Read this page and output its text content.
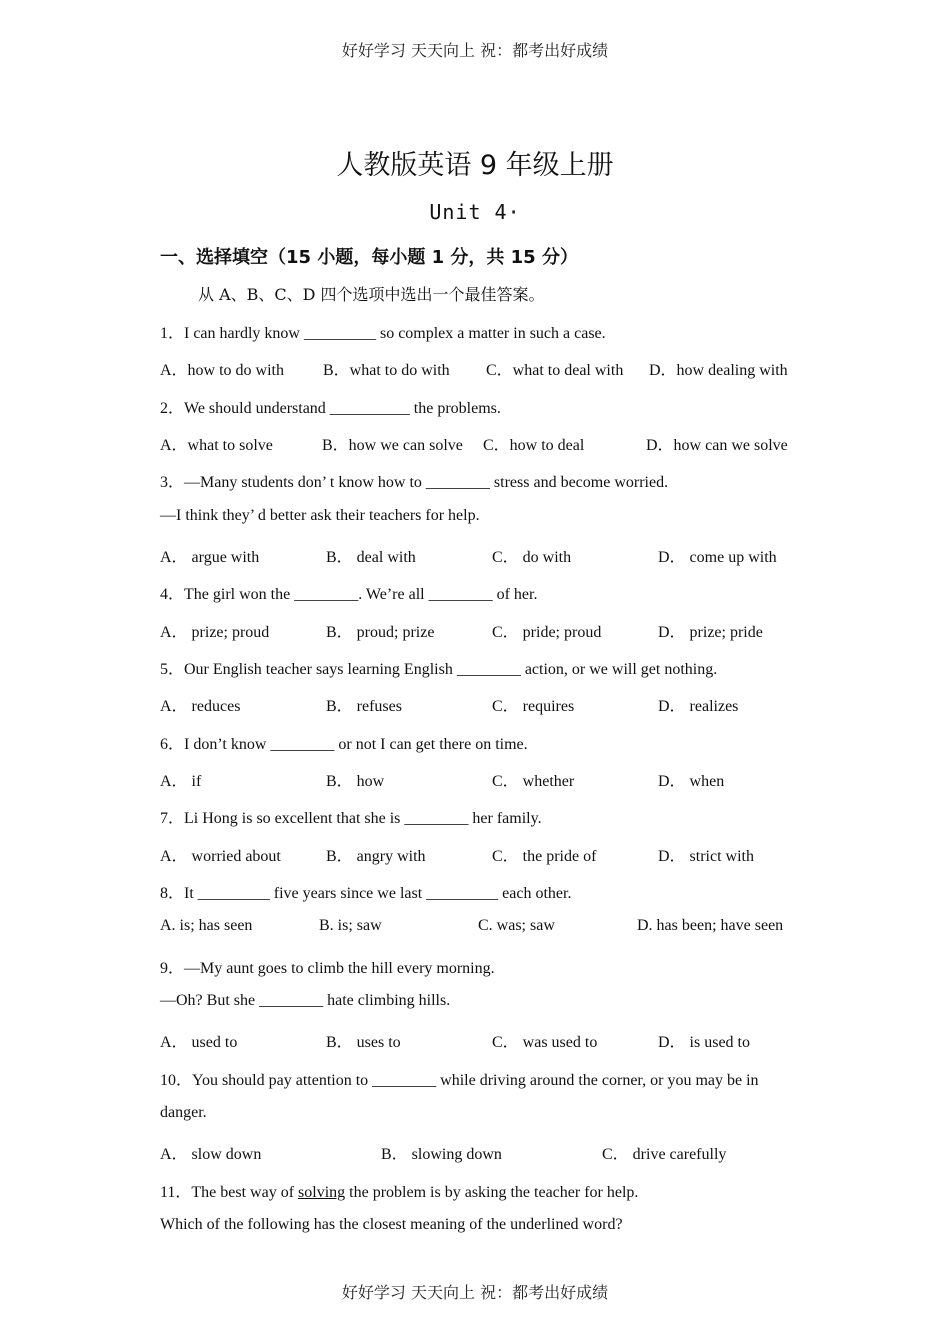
好好学习 天天向上 祝：都考出好成绩
人教版英语 9 年级上册
Unit 4·
一、选择填空（15 小题，每小题 1 分，共 15 分）
从 A、B、C、D 四个选项中选出一个最佳答案。
1．I can hardly know _________ so complex a matter in such a case.
A．how to do with	B．what to do with	C．what to deal with	D．how dealing with
2．We should understand __________ the problems.
A．what to solve	B．how we can solve	C．how to deal	D．how can we solve
3．—Many students don’ t know how to ________ stress and become worried.
—I think they’ d better ask their teachers for help.
A． argue with	B． deal with	C． do with	D． come up with
4．The girl won the ________. We’re all ________ of her.
A． prize; proud	B． proud; prize	C． pride; proud	D． prize; pride
5．Our English teacher says learning English ________ action, or we will get nothing.
A． reduces	B． refuses	C． requires	D． realizes
6．I don’t know ________ or not I can get there on time.
A． if	B． how	C． whether	D． when
7．Li Hong is so excellent that she is ________ her family.
A． worried about	B． angry with	C． the pride of	D． strict with
8．It _________ five years since we last _________ each other.
A. is; has seen	B. is; saw	C. was; saw	D. has been; have seen
9．—My aunt goes to climb the hill every morning.
—Oh? But she ________ hate climbing hills.
A． used to	B． uses to	C． was used to	D． is used to
10．You should pay attention to ________ while driving around the corner, or you may be in
danger.
A． slow down	B． slowing down	C． drive carefully
11．The best way of solving the problem is by asking the teacher for help.
Which of the following has the closest meaning of the underlined word?
好好学习 天天向上 祝：都考出好成绩
